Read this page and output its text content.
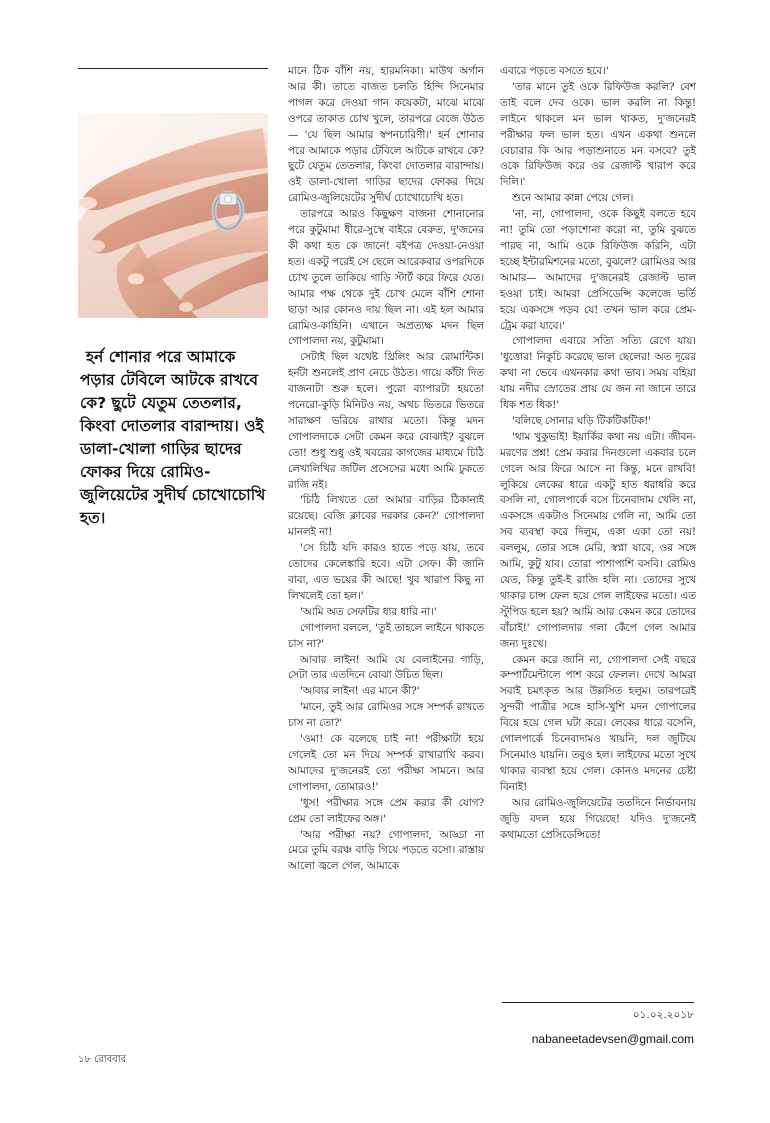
হর্ন শোনার পরে আমাকে পড়ার টেবিলে আটকে রাখবে কে? ছুটে যেতুম তেতলার, কিংবা দোতলার বারান্দায়। ওই ডালা-খোলা গাড়ির ছাদের ফোকর দিয়ে রোমিও-জুলিয়েটের সুদীর্ঘ চোখোচোখি হত।

মানে ঠিক বাঁশি নয়, হারমনিকা। মাউথ অর্গান আর কী। তাতে বাজত চলতি হিন্দি সিনেমার পাগল করে দেওয়া গান কয়েকটা, মাঝে মাঝে ওপরে তাকাত চোখ খুলে, তারপরে বেজে উঠত— 'যে ছিল আমার স্বপনচারিণী।' হর্ন শোনার পরে আমাকে পড়ার টেবিলে আটকে রাখবে কে? ছুটে যেতুম তেতলার, কিংবা দোতলার বারান্দায়। ওই ডালা-খোলা গাড়ির ছাদের ফোকর দিয়ে রোমিও-জুলিয়েটের সুদীর্ঘ চোখোচোখি হত।

তারপরে আরও কিছুক্ষণ বাজনা শোনানোর পরে কুটুমামা ধীরে-সুস্থে বাইরে বেরুত, দু'জনের কী কথা হত কে জানে! বইপত্র দেওয়া-নেওয়া হত। একটু পরেই সে ছেলে আরেকবার ওপরদিকে চোখ তুলে তাকিয়ে গাড়ি স্টার্ট করে ফিরে যেত। আমার পক্ষ থেকে দুই চোখ মেলে বাঁশি শোনা ছাড়া আর কোনও দায় ছিল না। এই হল আমার রোমিও-কাহিনি। এখানে অপ্রত্যক্ষ মদন ছিল গোপালদা নয়, কুটুমামা।

সেটাই ছিল যথেষ্ট থ্রিলিং আর রোমান্টিক। হর্নটা শুনলেই প্রাণ নেচে উঠত। গায়ে কাঁটা দিত বাজনাটা শুরু হলে। পুরো ব্যাপারটা হয়তো পনেরো-কুড়ি মিনিটও নয়, অথচ ভিতরে ভিতরে সারাক্ষণ ভরিয়ে রাখার মতো। কিন্তু মদন গোপালদাকে সেটা কেমন করে বোঝাই? বুঝলে তো! শুধু শুধু ওই খবরের কাগজের মাধ্যমে চিঠি লেখালিখির জটিল প্রসেসের মধ্যে আমি ঢুকতে রাজি নই।

'চিঠি লিখতে তো আমার বাড়ির ঠিকানাই রয়েছে। বেজি ক্লাবের দরকার কেন?' গোপালদা মানলই না!

'সে চিঠি যদি কারও হাতে পড়ে যায়, তবে তোদের কেলেঙ্কারি হবে। এটা সেফ। কী জানি বাবা, এত ভয়ের কী আছে! খুব খারাপ কিছু না লিখলেই তো হল।'

'আমি অত সেফটির ধার ধারি না।'

গোপালদা বললে, 'তুই তাহলে লাইনে থাকতে চাস না?'

আবার লাইন! আমি যে বেলাইনের গাড়ি, সেটা তার এতদিনে বোঝা উচিত ছিল।

'আবার লাইন! এর মানে কী?'

'মানে, তুই আর রোমিওর সঙ্গে সম্পর্ক রাখতে চাস না তো?'

'ওমা! কে বলেছে চাই না! পরীক্ষাটা হয়ে গেলেই তো মন দিয়ে সম্পর্ক রাখারাখি করব। আমাদের দু'জনেরই তো পরীক্ষা সামনে। আর গোপালদা, তোমারও!'

'ধুস! পরীক্ষার সঙ্গে প্রেম করার কী যোগ? প্রেম তো লাইফের অঙ্গ।'

'আর পরীক্ষা নয়? গোপালদা, আড্ডা না মেরে তুমি বরঞ্চ বাড়ি গিয়ে পড়তে বসো। রাস্তায় আলো জ্বলে গেল, আমাকে

এবারে পড়তে বসতে হবে।'

'তার মানে তুই ওকে রিফিউজ করলি? বেশ তাই বলে দেব ওকে। ভাল করলি না কিন্তু! লাইনে থাকলে মন ভাল থাকত, দু'জনেরই পরীক্ষার ফল ভাল হত। এখন একথা শুনলে বেচারার কি আর পড়াশুনাতে মন বসবে? তুই ওকে রিফিউজ করে ওর রেজাল্ট খারাপ করে দিলি।'

শুনে আমার কান্না পেয়ে গেল।

'না, না, গোপালদা, ওকে কিছুই বলতে হবে না! তুমি তো পড়াশোনা করো না, তুমি বুঝতে পারছ না, আমি ওকে রিফিউজ করিনি, এটা হচ্ছে ইন্টারমিশনের মতো, বুঝলে? রোমিওর আর আমার— আমাদের দু'জনেরই রেজাল্ট ভাল হওয়া চাই। আমরা প্রেসিডেন্সি কলেজে ভর্তি হয়ে একসঙ্গে পড়ব যে! তখন ভাল করে প্রেম-ট্রেম করা যাবে।'

গোপালদা এবারে সত্যি সত্যি রেগে যায়। 'ধুত্তোর! নিকুচি করেছে ভাল ছেলের! অত দূরের কথা না ভেবে এখনকার কথা ভাব। সময় বহিয়া যায় নদীর স্রোতের প্রায় যে জন না জানে তারে ধিক শত ধিক!'

'বলিছে সোনার ঘড়ি টিকটিকটিক!'

'থাম খুকুভাই! ইয়ার্কির কথা নয় এটা। জীবন-মরণের প্রশ্ন! প্রেম করার দিনগুলো একবার চলে গেলে আর ফিরে আসে না কিন্তু, মনে রাখবি! লুকিয়ে লেকের ধারে একটু হাত ধরাধরি করে বসলি না, গোলপার্কে বসে চিনেবাদাম খেলি না, একসঙ্গে একটাও সিনেমায় গেলি না, আমি তো সব ব্যবস্থা করে দিলুম, একা একা তো নয়! বললুম, তোর সঙ্গে মেরি, স্বপ্না যাবে, ওর সঙ্গে আমি, কুটু যাব। তোরা পাশাপাশি বসবি। রোমিও যেত, কিন্তু তুই-ই রাজি হলি না। তোদের সুখে থাকার চান্স ফেল হয়ে গেল লাইফের মতো। এত স্টুপিড হলে হয়? আমি আর কেমন করে তোদের বাঁচাই!' গোপালদার গলা কেঁপে গেল আমার জন্য দুঃখে।

কেমন করে জানি না, গোপালদা সেই বছরে কম্পার্টমেন্টালে পাশ করে ফেলল। দেখে আমরা সবাই চমৎকৃত আর উল্লসিত হলুম। তারপরেই সুন্দরী পাত্রীর সঙ্গে হাসি-খুশি মদন গোপালের বিয়ে হয়ে গেল ঘটা করে। লেকের ধারে বসেনি, গোলপার্কে চিনেবাদামও খায়নি, দল জুটিয়ে সিনেমাও যায়নি। তবুও হল। লাইফের মতো সুখে থাকার ব্যবস্থা হয়ে গেল। কোনও মদনের চেষ্টা বিনাই!

আর রোমিও-জুলিয়েটের ততদিনে নির্ভাবনায় জুড়ি বদল হয়ে গিয়েছে! যদিও দু'জনেই কথামতো প্রেসিডেন্সিতে!

০১.০২.২০১৮
nabaneetadevsen@gmail.com
১৮ রোববার
